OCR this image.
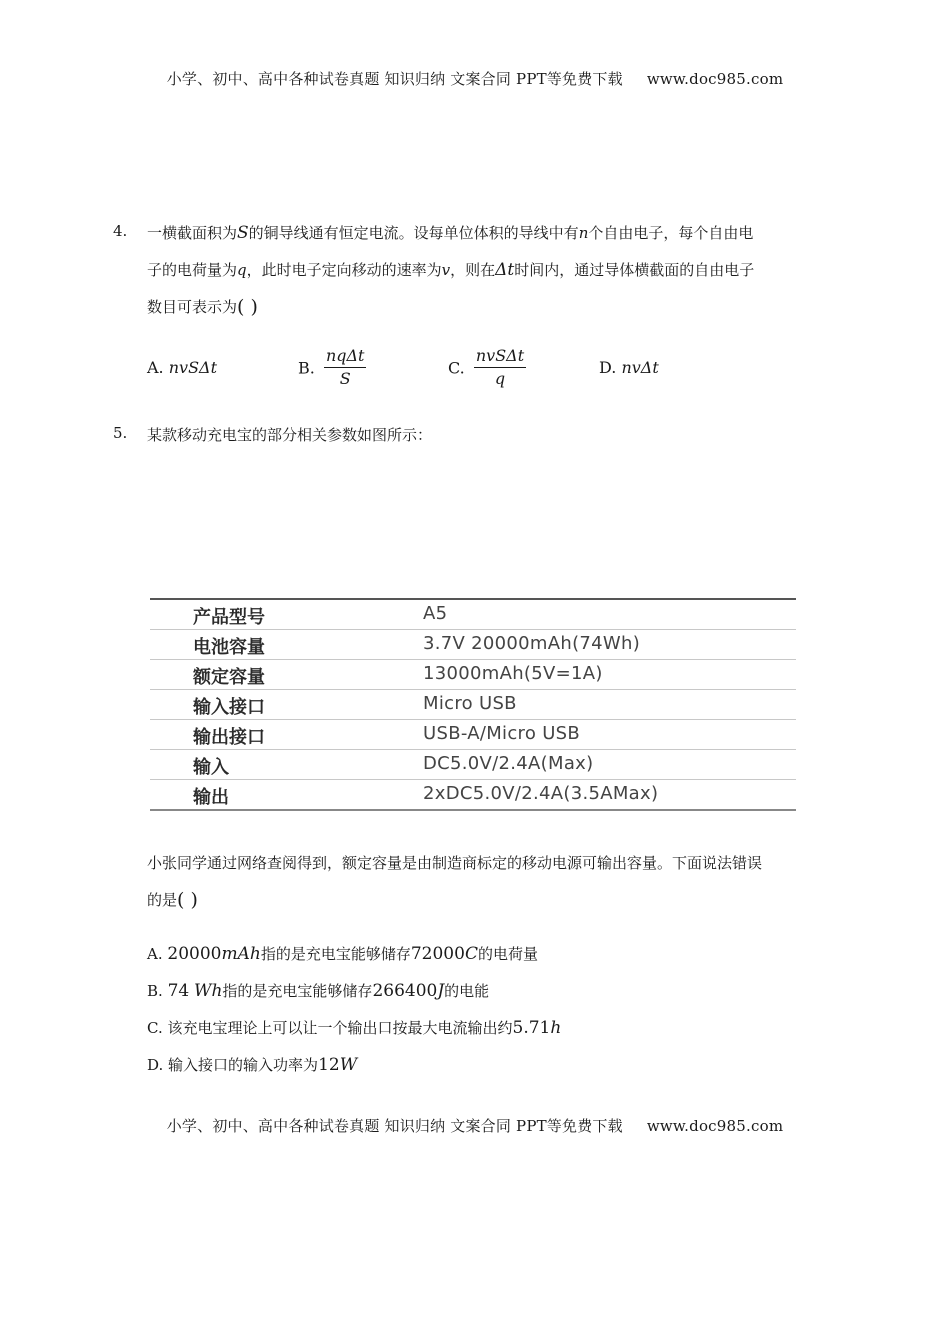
小学、初中、高中各种试卷真题 知识归纳 文案合同 PPT等免费下载 www.doc985.com
4. 一横截面积为S的铜导线通有恒定电流。设每单位体积的导线中有n个自由电子，每个自由电
子的电荷量为q，此时电子定向移动的速率为v，则在Δt时间内，通过导体横截面的自由电子
数目可表示为( )
A. nvSΔt	B. $\frac{\text{nqΔt}}{S}$	C. $\frac{\text{nvSΔt}}{q}$	D. nvΔt
5. 某款移动充电宝的部分相关参数如图所示：
产品型号	A5
电池容量	3.7V 20000mAh(74Wh)
额定容量	13000mAh(5V=1A)
输入接口	Micro USB
输出接口	USB-A/Micro USB
输入	DC5.0V/2.4A(Max)
输出	2xDC5.0V/2.4A(3.5AMax)
小张同学通过网络查阅得到，额定容量是由制造商标定的移动电源可输出容量。下面说法错误
的是( )
A. 20000mAh指的是充电宝能够储存72000C的电荷量
B. 74 Wh指的是充电宝能够储存266400J的电能
C. 该充电宝理论上可以让一个输出口按最大电流输出约5.71h
D. 输入接口的输入功率为12W
小学、初中、高中各种试卷真题 知识归纳 文案合同 PPT等免费下载 www.doc985.com
